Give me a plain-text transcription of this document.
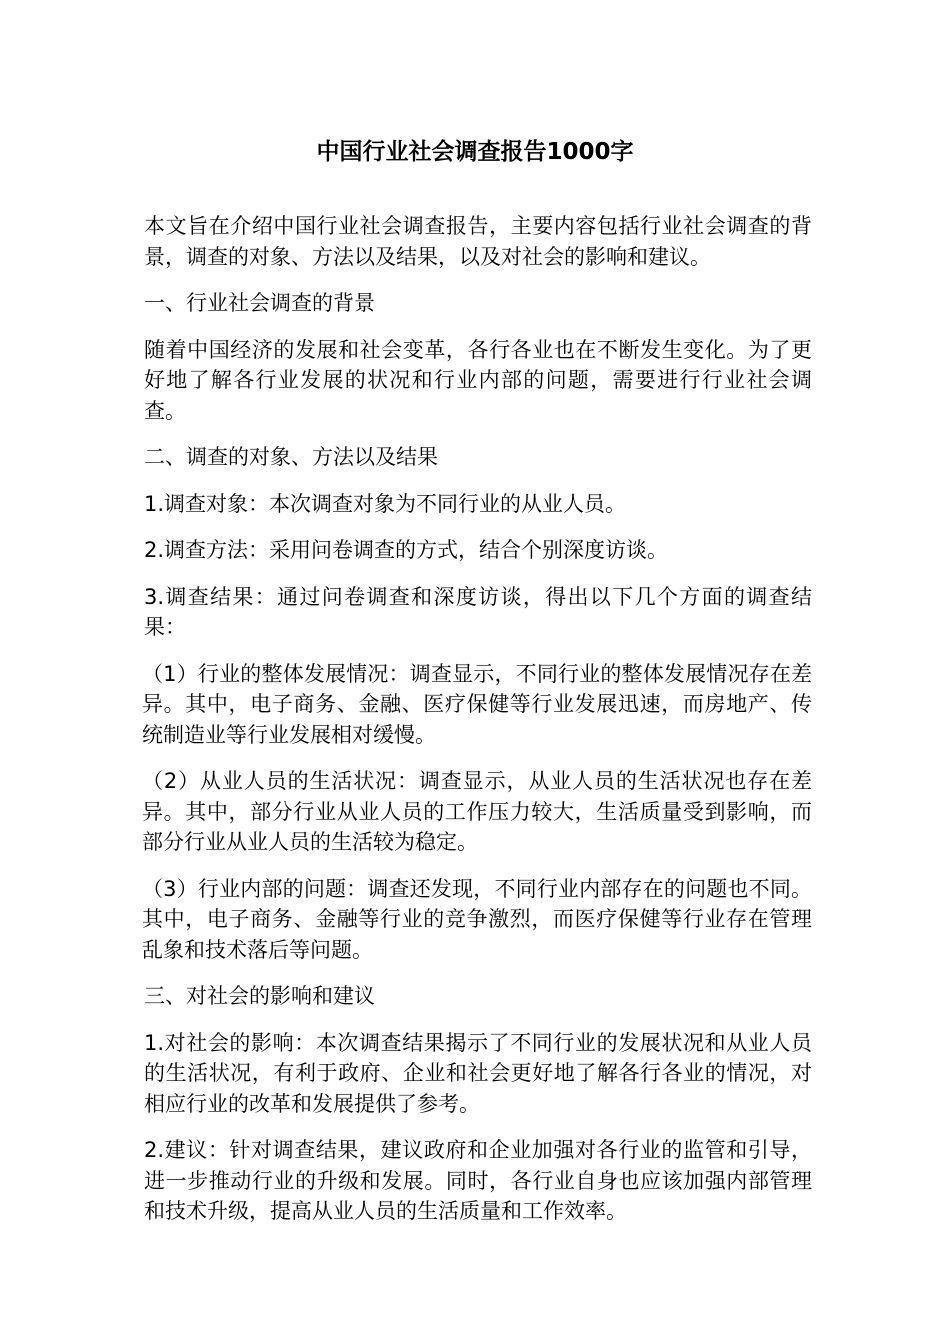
中国行业社会调查报告1000字

本文旨在介绍中国行业社会调查报告，主要内容包括行业社会调查的背景，调查的对象、方法以及结果，以及对社会的影响和建议。

一、行业社会调查的背景

随着中国经济的发展和社会变革，各行各业也在不断发生变化。为了更好地了解各行业发展的状况和行业内部的问题，需要进行行业社会调查。

二、调查的对象、方法以及结果

1.调查对象：本次调查对象为不同行业的从业人员。

2.调查方法：采用问卷调查的方式，结合个别深度访谈。

3.调查结果：通过问卷调查和深度访谈，得出以下几个方面的调查结果：

（1）行业的整体发展情况：调查显示，不同行业的整体发展情况存在差异。其中，电子商务、金融、医疗保健等行业发展迅速，而房地产、传统制造业等行业发展相对缓慢。

（2）从业人员的生活状况：调查显示，从业人员的生活状况也存在差异。其中，部分行业从业人员的工作压力较大，生活质量受到影响，而部分行业从业人员的生活较为稳定。

（3）行业内部的问题：调查还发现，不同行业内部存在的问题也不同。其中，电子商务、金融等行业的竞争激烈，而医疗保健等行业存在管理乱象和技术落后等问题。

三、对社会的影响和建议

1.对社会的影响：本次调查结果揭示了不同行业的发展状况和从业人员的生活状况，有利于政府、企业和社会更好地了解各行各业的情况，对相应行业的改革和发展提供了参考。

2.建议：针对调查结果，建议政府和企业加强对各行业的监管和引导，进一步推动行业的升级和发展。同时，各行业自身也应该加强内部管理和技术升级，提高从业人员的生活质量和工作效率。
